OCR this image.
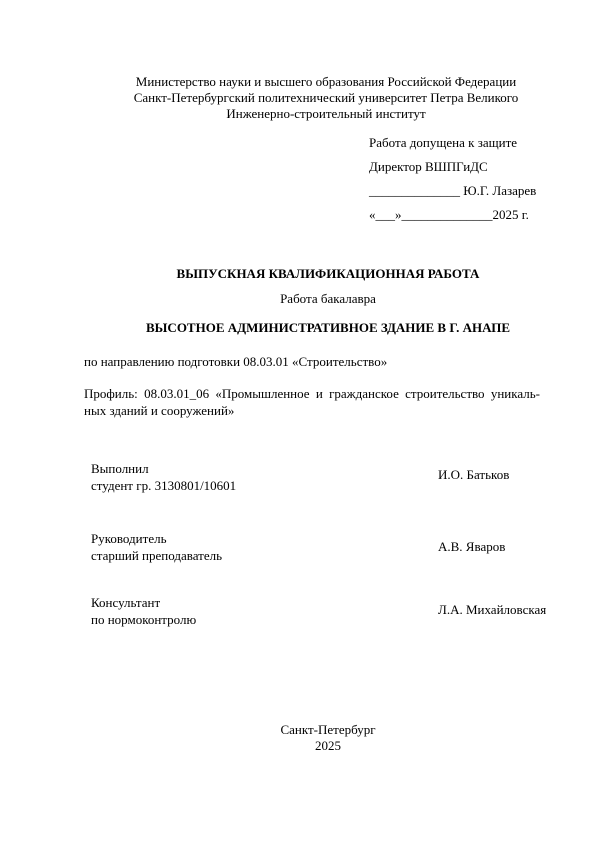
Министерство науки и высшего образования Российской Федерации
Санкт-Петербургский политехнический университет Петра Великого
Инженерно-строительный институт
Работа допущена к защите
Директор ВШПГиДС
______________ Ю.Г. Лазарев
«___»______________2025 г.
ВЫПУСКНАЯ КВАЛИФИКАЦИОННАЯ РАБОТА
Работа бакалавра
ВЫСОТНОЕ АДМИНИСТРАТИВНОЕ ЗДАНИЕ В Г. АНАПЕ
по направлению подготовки 08.03.01 «Строительство»
Профиль: 08.03.01_06 «Промышленное и гражданское строительство уникаль-ных зданий и сооружений»
Выполнил
студент гр. 3130801/10601
И.О. Батьков
Руководитель
старший преподаватель
А.В. Яваров
Консультант
по нормоконтролю
Л.А. Михайловская
Санкт-Петербург
2025
